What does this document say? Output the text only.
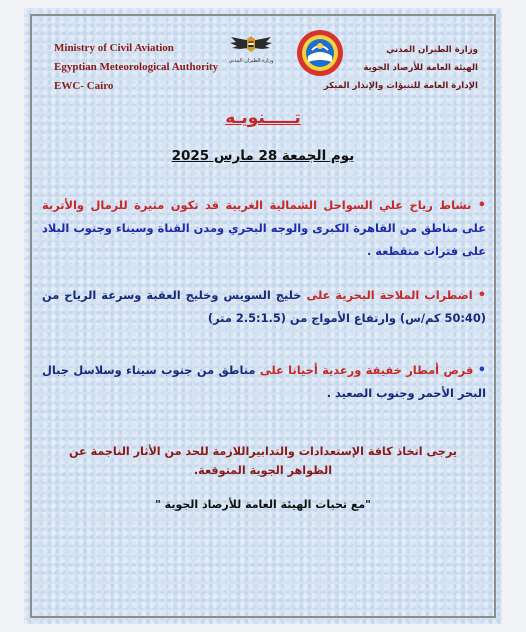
Ministry of Civil Aviation
Egyptian Meteorological Authority
EWC- Cairo
وزارة الطيران المدني
وزارة الطيران المدني
الهيئة العامة للأرصاد الجوية
الإدارة العامة للتنبؤات والإنذار المبكر
تـــــنويـه
يوم الجمعة 28 مارس 2025
• نشاط رياح علي السواحل الشمالية الغربية قد تكون مثيرة للرمال والأتربة على مناطق من القاهرة الكبرى والوجه البحري ومدن القناة وسيناء وجنوب البلاد على فترات متقطعه .
• اضطراب الملاحة البحرية على خليج السويس وخليج العقبة وسرعة الرياح من (50:40 كم/س) وارتفاع الأمواج من (2.5:1.5 متر)
• فرص أمطار خفيفة ورعدية أحيانا على مناطق من جنوب سيناء وسلاسل جبال البحر الأحمر وجنوب الصعيد .
يرجى اتخاذ كافة الإستعدادات والتدابيراللازمة للحد من الأثار الناجمة عن الظواهر الجوية المتوقعة.
"مع تحيات الهيئة العامة للأرصاد الجوية "
